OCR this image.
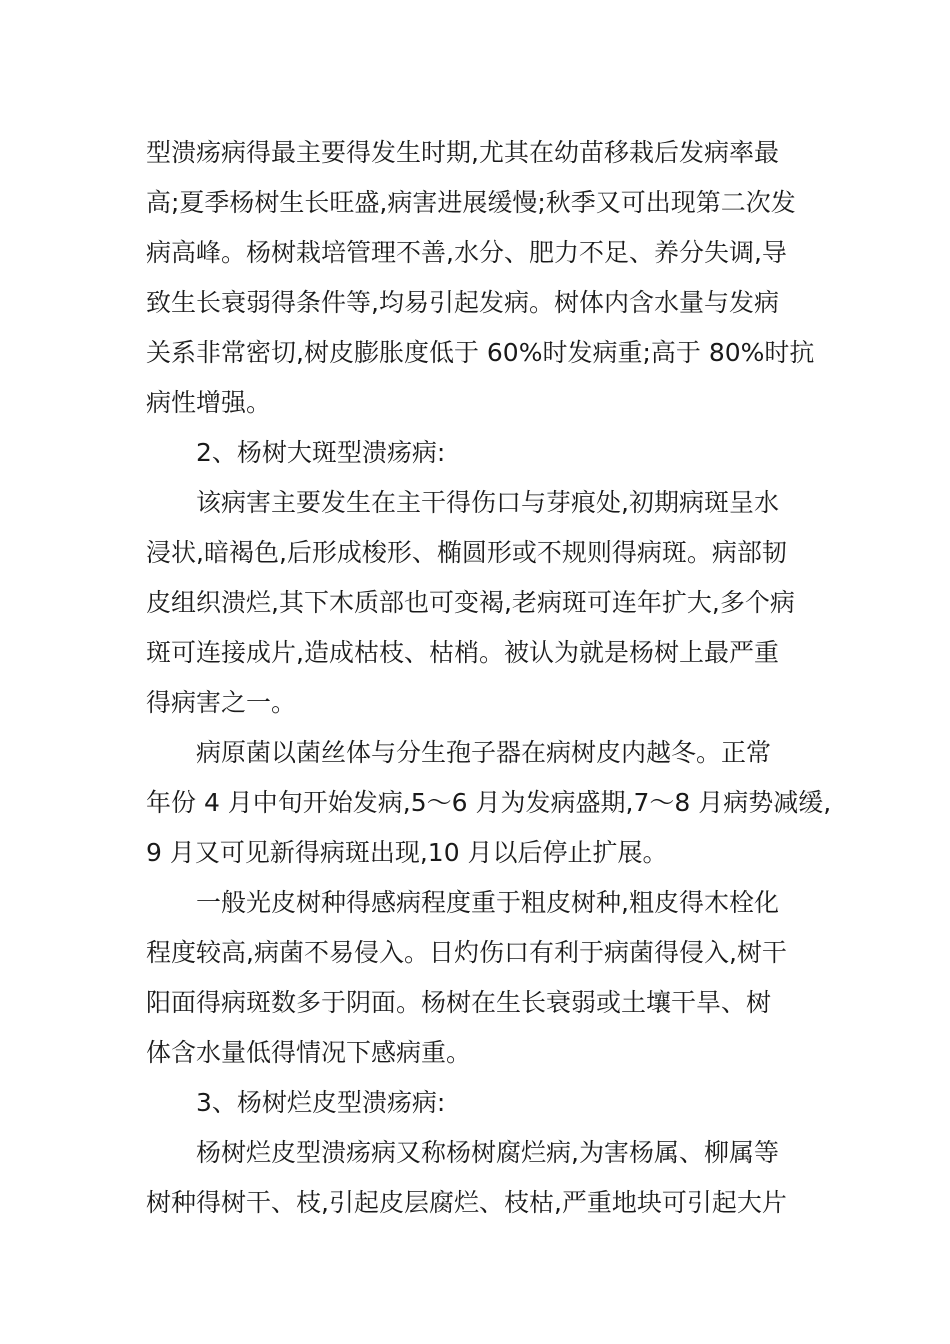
型溃疡病得最主要得发生时期,尤其在幼苗移栽后发病率最
高;夏季杨树生长旺盛,病害进展缓慢;秋季又可出现第二次发
病高峰。杨树栽培管理不善,水分、肥力不足、养分失调,导
致生长衰弱得条件等,均易引起发病。树体内含水量与发病
关系非常密切,树皮膨胀度低于 60%时发病重;高于 80%时抗
病性增强。
2、杨树大斑型溃疡病:
该病害主要发生在主干得伤口与芽痕处,初期病斑呈水
浸状,暗褐色,后形成梭形、椭圆形或不规则得病斑。病部韧
皮组织溃烂,其下木质部也可变褐,老病斑可连年扩大,多个病
斑可连接成片,造成枯枝、枯梢。被认为就是杨树上最严重
得病害之一。
病原菌以菌丝体与分生孢子器在病树皮内越冬。正常
年份 4 月中旬开始发病,5～6 月为发病盛期,7～8 月病势减缓,
9 月又可见新得病斑出现,10 月以后停止扩展。
一般光皮树种得感病程度重于粗皮树种,粗皮得木栓化
程度较高,病菌不易侵入。日灼伤口有利于病菌得侵入,树干
阳面得病斑数多于阴面。杨树在生长衰弱或土壤干旱、树
体含水量低得情况下感病重。
3、杨树烂皮型溃疡病:
杨树烂皮型溃疡病又称杨树腐烂病,为害杨属、柳属等
树种得树干、枝,引起皮层腐烂、枝枯,严重地块可引起大片
